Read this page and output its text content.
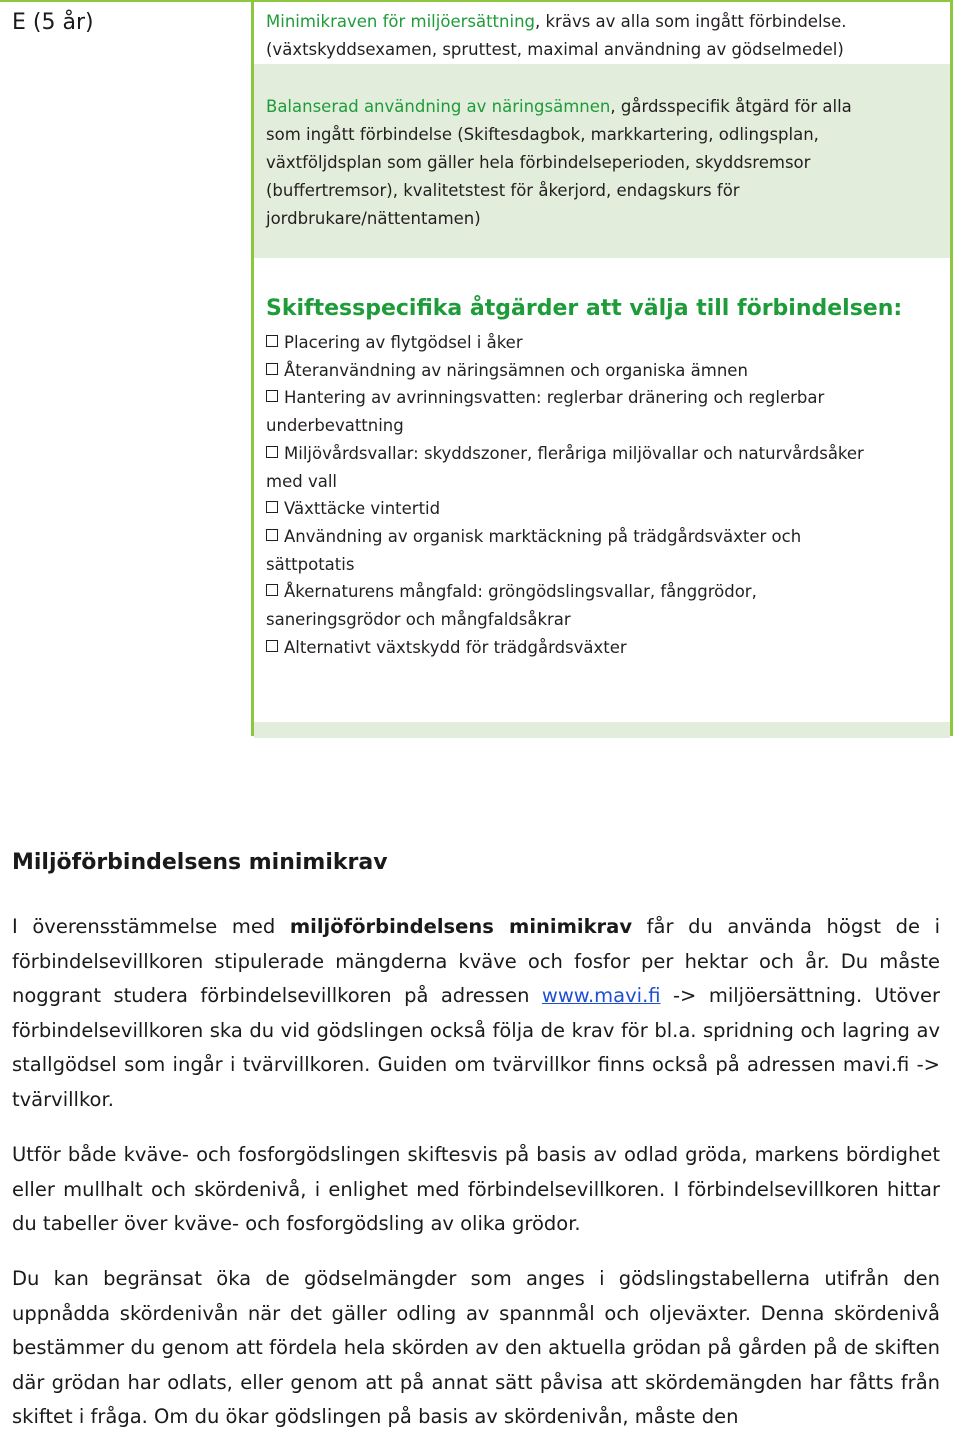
E (5 år)	Minimikraven för miljöersättning, krävs av alla som ingått förbindelse.
(växtskyddsexamen, spruttest, maximal användning av gödselmedel)
Balanserad användning av näringsämnen, gårdsspecifik åtgärd för alla
som ingått förbindelse (Skiftesdagbok, markkartering, odlingsplan,
växtföljdsplan som gäller hela förbindelseperioden, skyddsremsor
(buffertremsor), kvalitetstest för åkerjord, endagskurs för
jordbrukare/nättentamen)
Skiftesspecifika åtgärder att välja till förbindelsen:
Placering av flytgödsel i åker
Återanvändning av näringsämnen och organiska ämnen
Hantering av avrinningsvatten: reglerbar dränering och reglerbar
underbevattning
Miljövårdsvallar: skyddszoner, fleråriga miljövallar och naturvårdsåker
med vall
Växttäcke vintertid
Användning av organisk marktäckning på trädgårdsväxter och
sättpotatis
Åkernaturens mångfald: gröngödslingsvallar, fånggrödor,
saneringsgrödor och mångfaldsåkrar
Alternativt växtskydd för trädgårdsväxter
Miljöförbindelsens minimikrav
I överensstämmelse med miljöförbindelsens minimikrav får du använda högst de i förbindelsevillkoren stipulerade mängderna kväve och fosfor per hektar och år. Du måste noggrant studera förbindelsevillkoren på adressen www.mavi.fi -> miljöersättning. Utöver förbindelsevillkoren ska du vid gödslingen också följa de krav för bl.a. spridning och lagring av stallgödsel som ingår i tvärvillkoren. Guiden om tvärvillkor finns också på adressen mavi.fi -> tvärvillkor.
Utför både kväve- och fosforgödslingen skiftesvis på basis av odlad gröda, markens bördighet eller mullhalt och skördenivå, i enlighet med förbindelsevillkoren. I förbindelsevillkoren hittar du tabeller över kväve- och fosforgödsling av olika grödor.
Du kan begränsat öka de gödselmängder som anges i gödslingstabellerna utifrån den uppnådda skördenivån när det gäller odling av spannmål och oljeväxter. Denna skördenivå bestämmer du genom att fördela hela skörden av den aktuella grödan på gården på de skiften där grödan har odlats, eller genom att på annat sätt påvisa att skördemängden har fåtts från skiftet i fråga. Om du ökar gödslingen på basis av skördenivån, måste den
